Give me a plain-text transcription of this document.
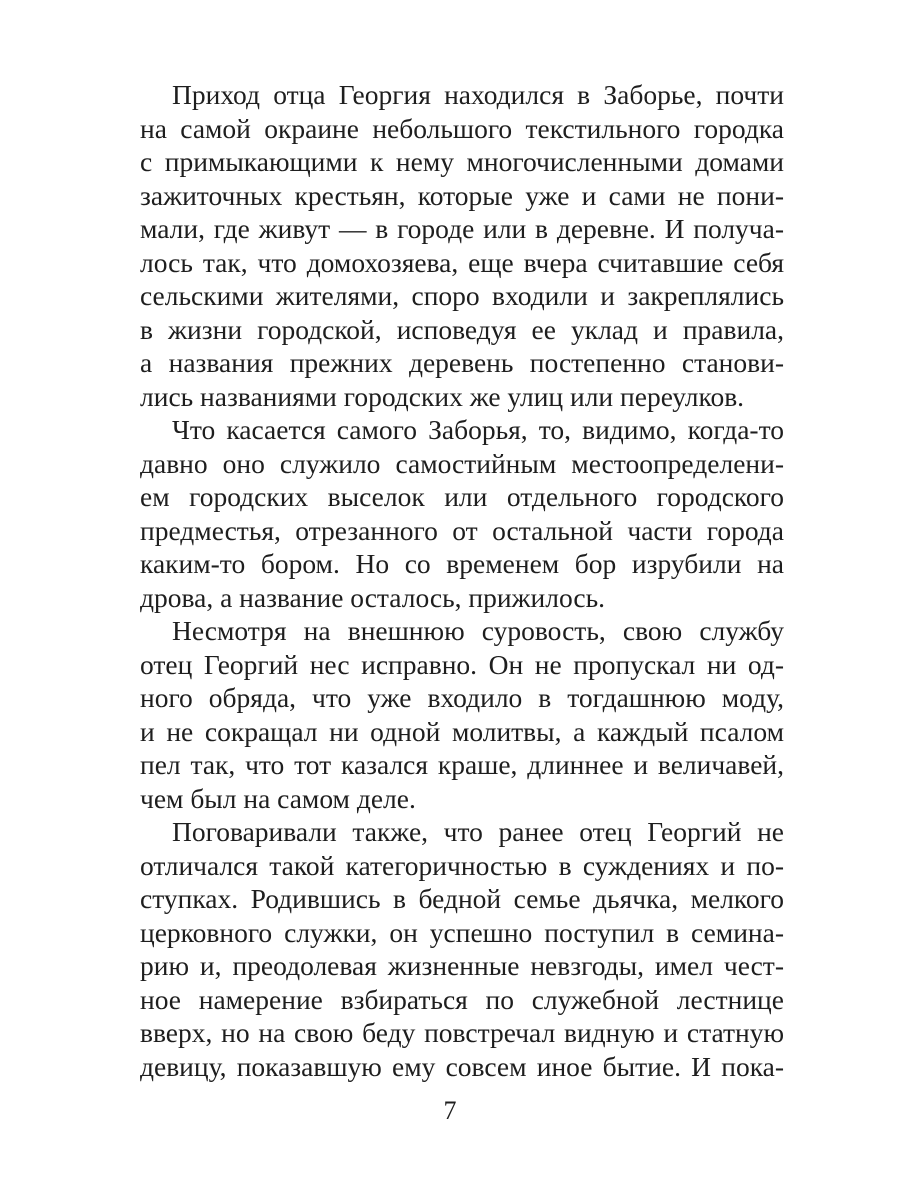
Приход отца Георгия находился в Заборье, почти
на самой окраине небольшого текстильного городка
с примыкающими к нему многочисленными домами
зажиточных крестьян, которые уже и сами не пони-
мали, где живут — в городе или в деревне. И получа-
лось так, что домохозяева, еще вчера считавшие себя
сельскими жителями, споро входили и закреплялись
в жизни городской, исповедуя ее уклад и правила,
а названия прежних деревень постепенно станови-
лись названиями городских же улиц или переулков.
Что касается самого Заборья, то, видимо, когда-то
давно оно служило самостийным местоопределени-
ем городских выселок или отдельного городского
предместья, отрезанного от остальной части города
каким-то бором. Но со временем бор изрубили на
дрова, а название осталось, прижилось.
Несмотря на внешнюю суровость, свою службу
отец Георгий нес исправно. Он не пропускал ни од-
ного обряда, что уже входило в тогдашнюю моду,
и не сокращал ни одной молитвы, а каждый псалом
пел так, что тот казался краше, длиннее и величавей,
чем был на самом деле.
Поговаривали также, что ранее отец Георгий не
отличался такой категоричностью в суждениях и по-
ступках. Родившись в бедной семье дьячка, мелкого
церковного служки, он успешно поступил в семина-
рию и, преодолевая жизненные невзгоды, имел чест-
ное намерение взбираться по служебной лестнице
вверх, но на свою беду повстречал видную и статную
девицу, показавшую ему совсем иное бытие. И пока-
7
